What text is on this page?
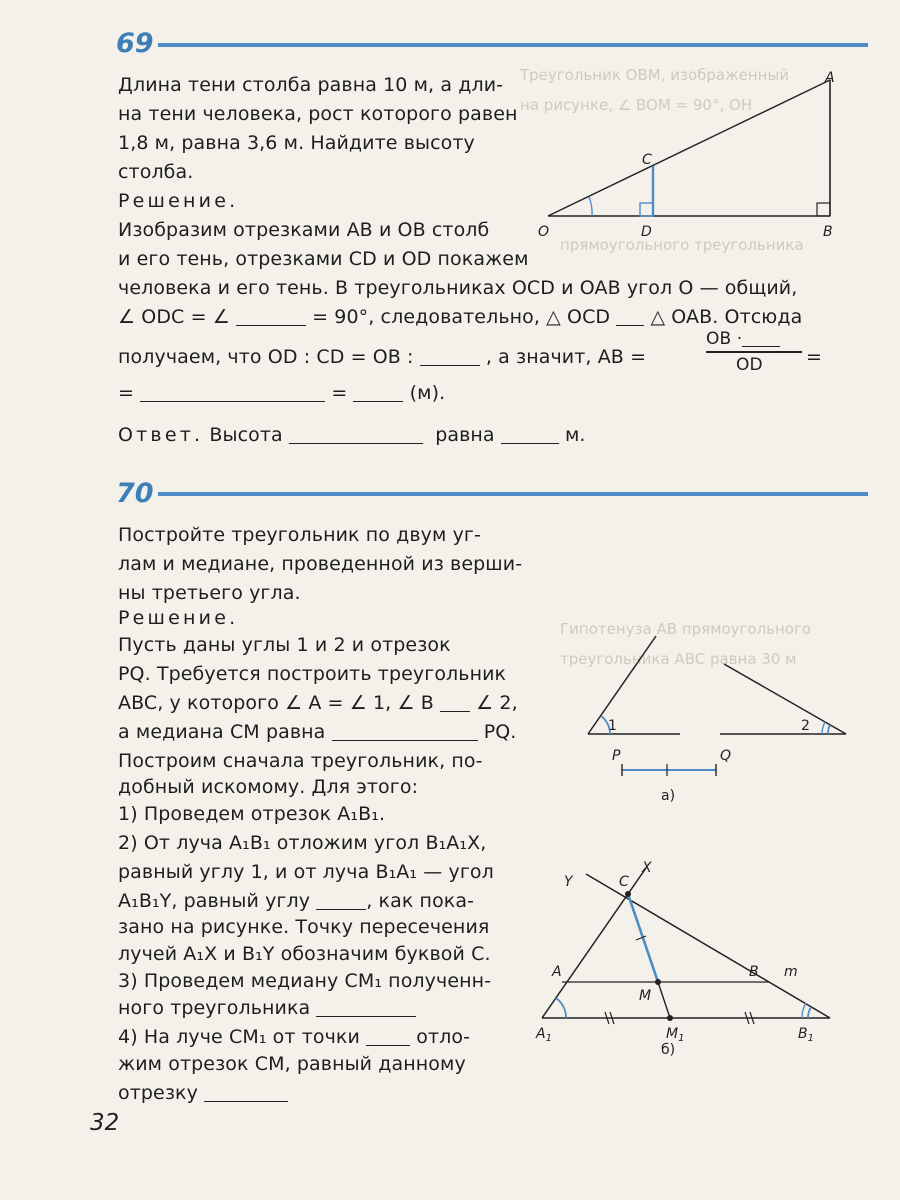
Треугольник OBM, изображенный
на рисунке, ∠ BOM = 90°, OH
прямоугольного треугольника
Гипотенуза AB прямоугольного
треугольника ABC равна 30 м
69
Длина тени столба равна 10 м, а дли-
на тени человека, рост которого равен
1,8 м, равна 3,6 м. Найдите высоту
столба.
Решение.
Изобразим отрезками AB и OB столб
и его тень, отрезками CD и OD покажем
человека и его тень. В треугольниках OCD и OAB угол O — общий,
∠ ODC = ∠	= 90°, следовательно, △ OCD △ OAB. Отсюда
получаем, что OD : CD = OB :	, а значит, AB =
OB ·
OD	=
=	=	(м).
Ответ. Высота	равна	м.
A
C
O	D	B
70
Постройте треугольник по двум уг-
лам и медиане, проведенной из верши-
ны третьего угла.
Решение.
Пусть даны углы 1 и 2 и отрезок
PQ. Требуется построить треугольник
ABC, у которого ∠ A = ∠ 1, ∠ B ∠ 2,
а медиана CM равна	PQ.
Построим сначала треугольник, по-
добный искомому. Для этого:
1) Проведем отрезок A₁B₁.
2) От луча A₁B₁ отложим угол B₁A₁X,
равный углу 1, и от луча B₁A₁ — угол
A₁B₁Y, равный углу	, как пока-
зано на рисунке. Точку пересечения
лучей A₁X и B₁Y обозначим буквой C.
3) Проведем медиану CM₁ полученн-
ного треугольника
4) На луче CM₁ от точки	отло-
жим отрезок CM, равный данному
отрезку
1	2
P	Q
а)
X
Y	C
A	B m
M
$A_1$	$M_1$	$B_1$
б)
32
